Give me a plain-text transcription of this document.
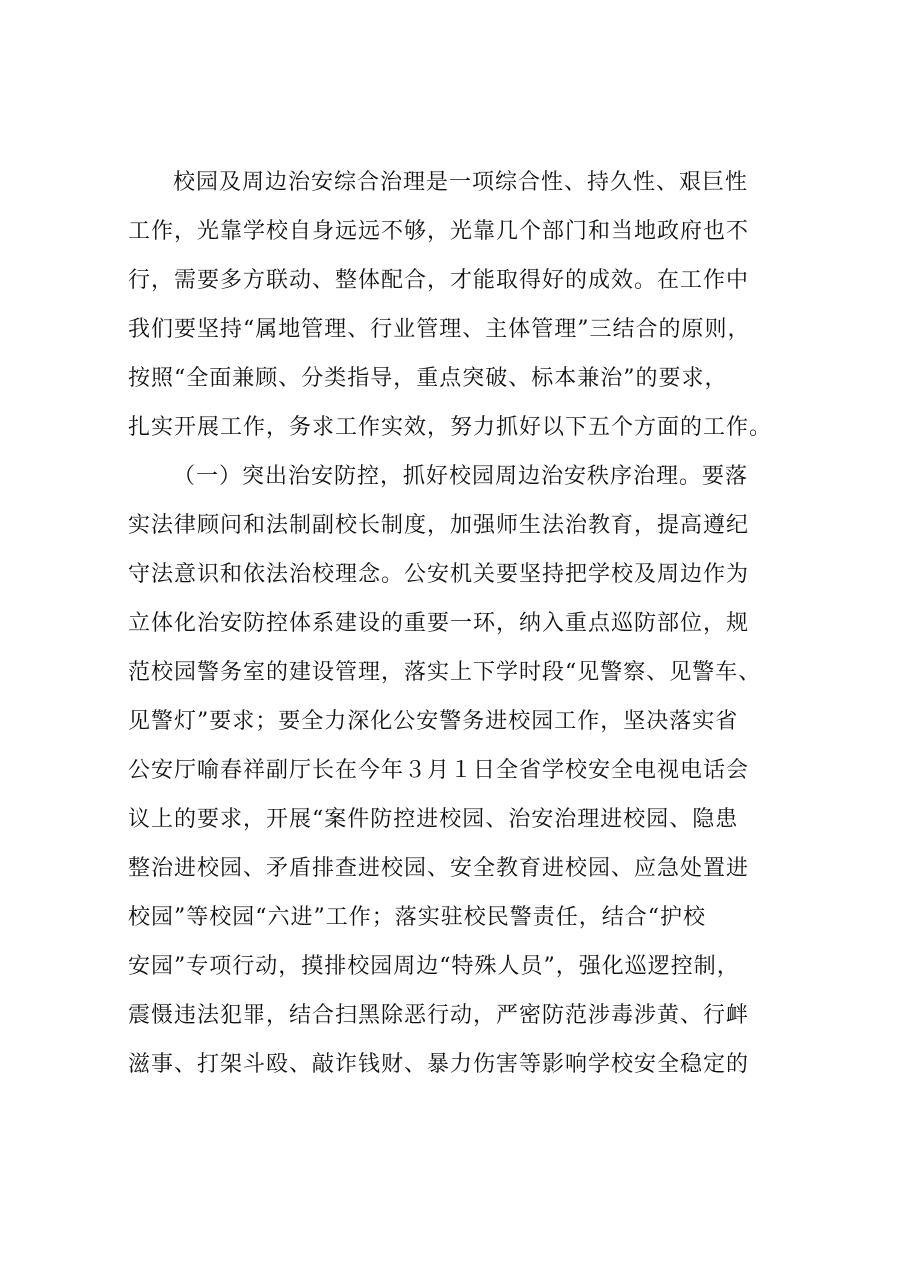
校园及周边治安综合治理是一项综合性、持久性、艰巨性
工作，光靠学校自身远远不够，光靠几个部门和当地政府也不
行，需要多方联动、整体配合，才能取得好的成效。在工作中
我们要坚持“属地管理、行业管理、主体管理”三结合的原则，
按照“全面兼顾、分类指导，重点突破、标本兼治”的要求，
扎实开展工作，务求工作实效，努力抓好以下五个方面的工作。
（一）突出治安防控，抓好校园周边治安秩序治理。要落
实法律顾问和法制副校长制度，加强师生法治教育，提高遵纪
守法意识和依法治校理念。公安机关要坚持把学校及周边作为
立体化治安防控体系建设的重要一环，纳入重点巡防部位，规
范校园警务室的建设管理，落实上下学时段“见警察、见警车、
见警灯”要求；要全力深化公安警务进校园工作，坚决落实省
公安厅喻春祥副厅长在今年３月１日全省学校安全电视电话会
议上的要求，开展“案件防控进校园、治安治理进校园、隐患
整治进校园、矛盾排查进校园、安全教育进校园、应急处置进
校园”等校园“六进”工作；落实驻校民警责任，结合“护校
安园”专项行动，摸排校园周边“特殊人员”，强化巡逻控制，
震慑违法犯罪，结合扫黑除恶行动，严密防范涉毒涉黄、行衅
滋事、打架斗殴、敲诈钱财、暴力伤害等影响学校安全稳定的
